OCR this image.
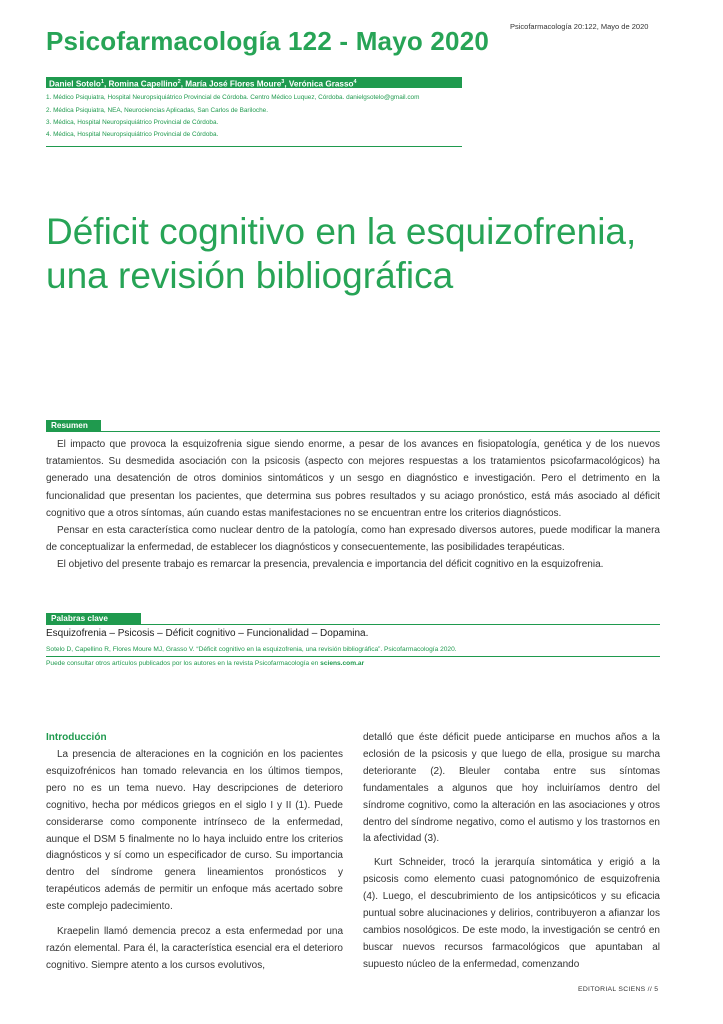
Psicofarmacología 122 - Mayo 2020	Psicofarmacología 20:122, Mayo de 2020
Daniel Sotelo$^1$, Romina Capellino$^2$, María José Flores Moure$^3$, Verónica Grasso$^4$
1. Médico Psiquiatra, Hospital Neuropsiquiátrico Provincial de Córdoba. Centro Médico Luquez, Córdoba. danielgsotelo@gmail.com
2. Médica Psiquiatra, NEA, Neurociencias Aplicadas, San Carlos de Bariloche.
3. Médica, Hospital Neuropsiquiátrico Provincial de Córdoba.
4. Médica, Hospital Neuropsiquiátrico Provincial de Córdoba.
Déficit cognitivo en la esquizofrenia,
una revisión bibliográfica
Resumen

El impacto que provoca la esquizofrenia sigue siendo enorme, a pesar de los avances en fisiopatología, genética y de los nuevos tratamientos. Su desmedida asociación con la psicosis (aspecto con mejores respuestas a los tratamientos psicofarmacológicos) ha generado una desatención de otros dominios sintomáticos y un sesgo en diagnóstico e investigación. Pero el detrimento en la funcionalidad que presentan los pacientes, que determina sus pobres resultados y su aciago pronóstico, está más asociado al déficit cognitivo que a otros síntomas, aún cuando estas manifestaciones no se encuentran entre los criterios diagnósticos.

Pensar en esta característica como nuclear dentro de la patología, como han expresado diversos autores, puede modificar la manera de conceptualizar la enfermedad, de establecer los diagnósticos y consecuentemente, las posibilidades terapéuticas.

El objetivo del presente trabajo es remarcar la presencia, prevalencia e importancia del déficit cognitivo en la esquizofrenia.

Palabras clave
Esquizofrenia – Psicosis – Déficit cognitivo – Funcionalidad – Dopamina.
Sotelo D, Capellino R, Flores Moure MJ, Grasso V. “Déficit cognitivo en la esquizofrenia, una revisión bibliográfica”. Psicofarmacología 2020.
Puede consultar otros artículos publicados por los autores en la revista Psicofarmacología en sciens.com.ar
Introducción

La presencia de alteraciones en la cognición en los pacientes esquizofrénicos han tomado relevancia en los últimos tiempos, pero no es un tema nuevo. Hay descripciones de deterioro cognitivo, hecha por médicos griegos en el siglo I y II (1). Puede considerarse como componente intrínseco de la enfermedad, aunque el DSM 5 finalmente no lo haya incluido entre los criterios diagnósticos y sí como un especificador de curso. Su importancia dentro del síndrome genera lineamientos pronósticos y terapéuticos además de permitir un enfoque más acertado sobre este complejo padecimiento.

Kraepelin llamó demencia precoz a esta enfermedad por una razón elemental. Para él, la característica esencial era el deterioro cognitivo. Siempre atento a los cursos evolutivos,

detalló que éste déficit puede anticiparse en muchos años a la eclosión de la psicosis y que luego de ella, prosigue su marcha deteriorante (2). Bleuler contaba entre sus síntomas fundamentales a algunos que hoy incluiríamos dentro del síndrome cognitivo, como la alteración en las asociaciones y otros dentro del síndrome negativo, como el autismo y los trastornos en la afectividad (3).

Kurt Schneider, trocó la jerarquía sintomática y erigió a la psicosis como elemento cuasi patognomónico de esquizofrenia (4). Luego, el descubrimiento de los antipsicóticos y su eficacia puntual sobre alucinaciones y delirios, contribuyeron a afianzar los cambios nosológicos. De este modo, la investigación se centró en buscar nuevos recursos farmacológicos que apuntaban al supuesto núcleo de la enfermedad, comenzando

EDITORIAL SCIENS // 5
